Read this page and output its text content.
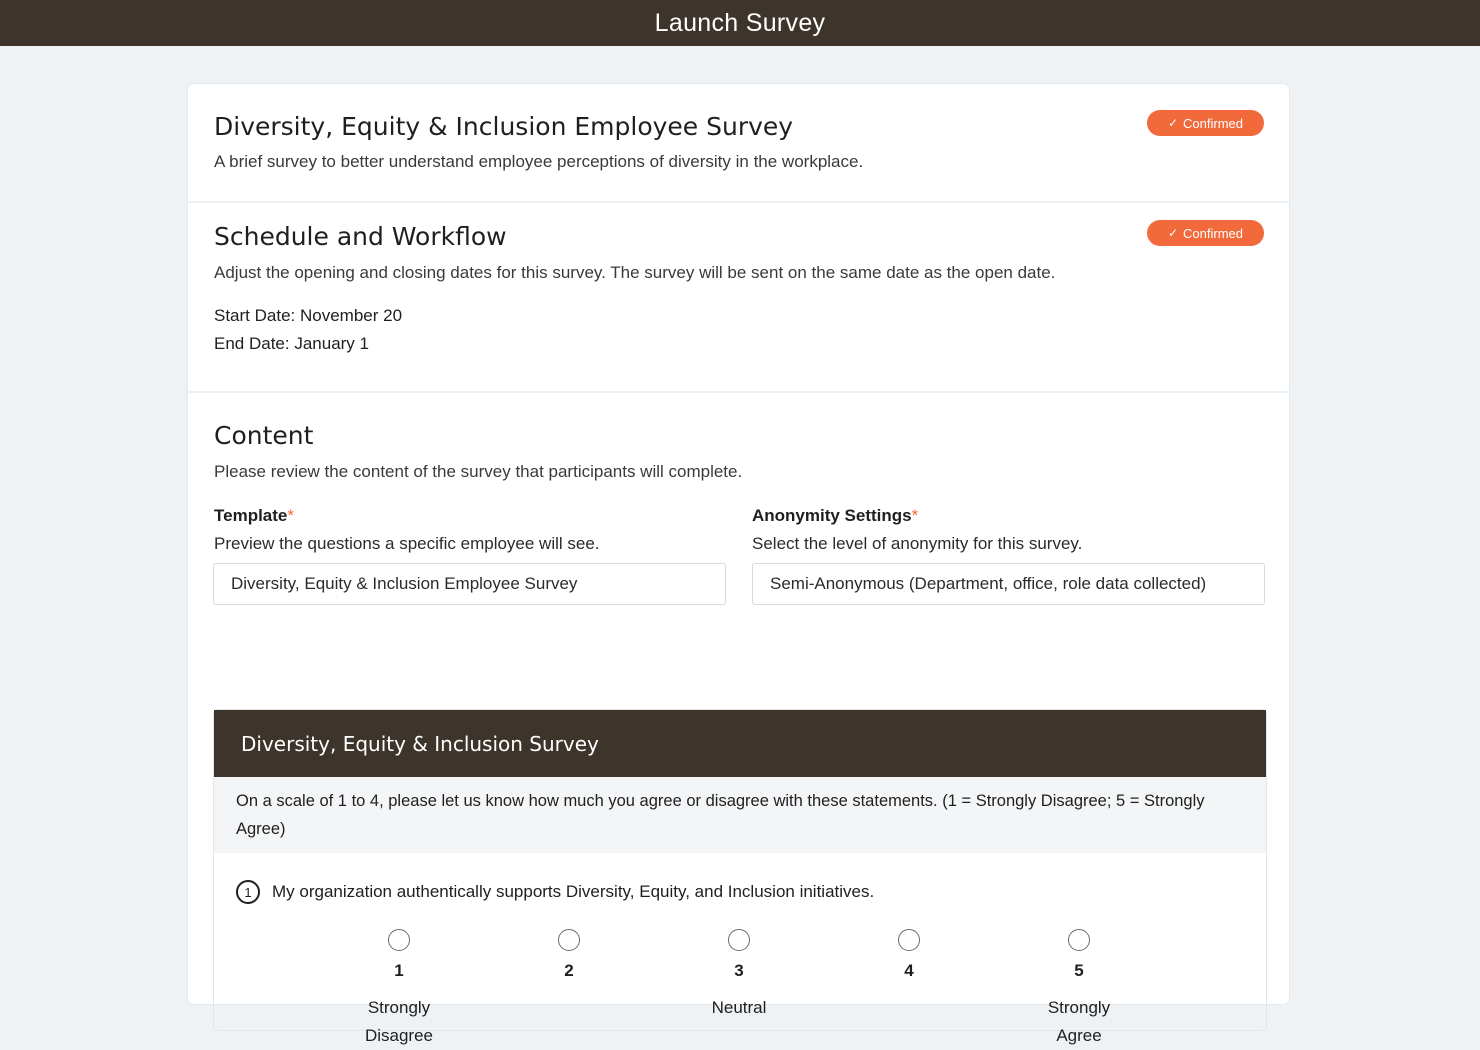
Launch Survey
Diversity, Equity & Inclusion Employee Survey
A brief survey to better understand employee perceptions of diversity in the workplace.
✓ Confirmed
Schedule and Workflow
Adjust the opening and closing dates for this survey. The survey will be sent on the same date as the open date.
✓ Confirmed
Start Date: November 20
End Date: January 1
Content
Please review the content of the survey that participants will complete.
Template*
Preview the questions a specific employee will see.
Diversity, Equity & Inclusion Employee Survey
Anonymity Settings*
Select the level of anonymity for this survey.
Semi-Anonymous (Department, office, role data collected)
Diversity, Equity & Inclusion Survey
On a scale of 1 to 4, please let us know how much you agree or disagree with these statements. (1 = Strongly Disagree; 5 = Strongly Agree)
1	My organization authentically supports Diversity, Equity, and Inclusion initiatives.
1
Strongly
Disagree
2	3
Neutral
4	5
Strongly
Agree
